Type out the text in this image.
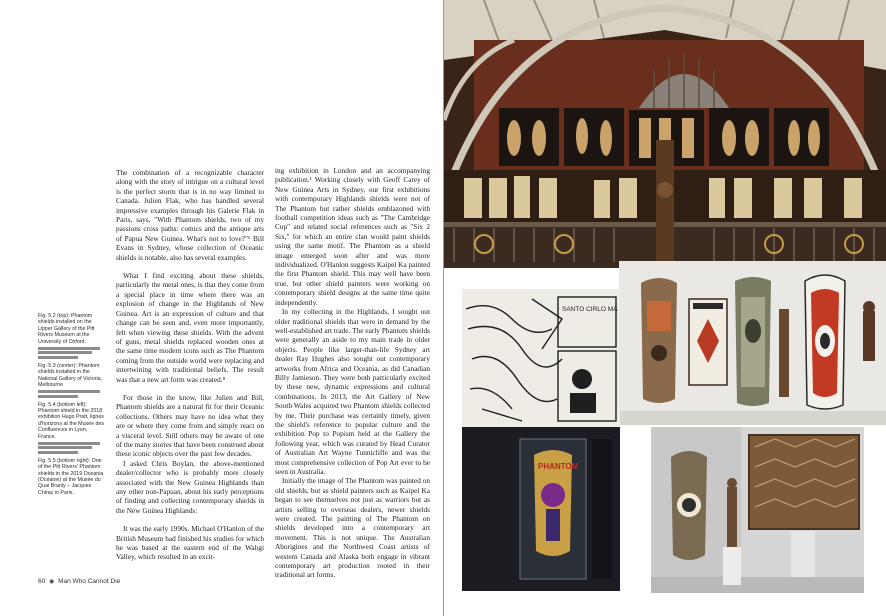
The combination of a recognizable character along with the story of intrigue on a cultural level is the perfect storm that is in no way limited to Canada. Julien Flak, who has handled several impressive examples through his Galerie Flak in Paris, says, "With Phantom shields, two of my passions cross paths: comics and the antique arts of Papua New Guinea. What's not to love?"⁶ Bill Evans in Sydney, whose collection of Oceanic shields is notable, also has several examples.

What I find exciting about these shields, particularly the metal ones, is that they come from a special place in time where there was an explosion of change in the Highlands of New Guinea. Art is an expression of culture and that change can be seen and, even more importantly, felt when viewing these shields. With the advent of guns, metal shields replaced wooden ones at the same time modern icons such as The Phantom coming from the outside world were replacing and intertwining with traditional beliefs. The result was that a new art form was created.⁸

For those in the know, like Julien and Bill, Phantom shields are a natural fit for their Oceanic collections. Others may have no idea what they are or where they come from and simply react on a visceral level. Still others may be aware of one of the many stories that have been construed about these iconic objects over the past few decades.

I asked Chris Boylan, the above-mentioned dealer/collector who is probably more closely associated with the New Guinea Highlands than any other non-Papuan, about his early perceptions of finding and collecting contemporary shields in the New Guinea Highlands:

It was the early 1990s. Michael O'Hanlon of the British Museum had finished his studies for which he was based at the eastern end of the Wahgi Valley, which resulted in an excit-

ing exhibition in London and an accompanying publication.¹ Working closely with Geoff Carey of New Guinea Arts in Sydney, our first exhibitions with contemporary Highlands shields were not of The Phantom but rather shields emblazoned with football competition ideas such as "The Cambridge Cup" and related social references such as "Six 2 Six," for which an entire clan would paint shields using the same motif. The Phantom as a shield image emerged soon after and was more individualized. O'Hanlon suggests Kaipel Ka painted the first Phantom shield. This may well have been true, but other shield painters were working on contemporary shield designs at the same time quite independently.

In my collecting in the Highlands, I sought out older traditional shields that were in demand by the well-established art trade. The early Phantom shields were generally an aside to my main trade in older objects. People like larger-than-life Sydney art dealer Ray Hughes also sought out contemporary artworks from Africa and Oceania, as did Canadian Billy Jamieson. They were both particularly excited by these new, dynamic expressions and cultural combinations. In 2013, the Art Gallery of New South Wales acquired two Phantom shields collected by me. Their purchase was certainly timely, given the shield's reference to popular culture and the exhibition Pop to Popism held at the Gallery the following year, which was curated by Head Curator of Australian Art Wayne Tunnicliffe and was the most comprehensive collection of Pop Art ever to be seen in Australia.

Initially the image of The Phantom was painted on old shields, but as shield painters such as Kaipel Ka began to see themselves not just as warriors but as artists selling to overseas dealers, newer shields were created. The painting of The Phantom on shields developed into a contemporary art movement. This is not unique. The Australian Aborigines and the Northwest Coast artists of western Canada and Alaska both engage in vibrant contemporary art production rooted in their traditional art forms.

Fig. 5.2 (top): Phantom shields installed on the Upper Gallery of the Pitt Rivers Museum at the University of Oxford.
Fig. 5.3 (center): Phantom shields installed in the National Gallery of Victoria, Melbourne
Fig. 5.4 (bottom left): Phantom shield in the 2018 exhibition Hugo Pratt, lignes d'horizons at the Musée des Confluences in Lyon, France.
Fig. 5.5 (bottom right): One of the Pitt Rivers' Phantom shields in the 2019 Oceania (Océanie) at the Musée du Quai Branly – Jacques Chirac in Paris.
60 ◉ Man Who Cannot Die
SANTO CIRLO MA
PHANTOM
